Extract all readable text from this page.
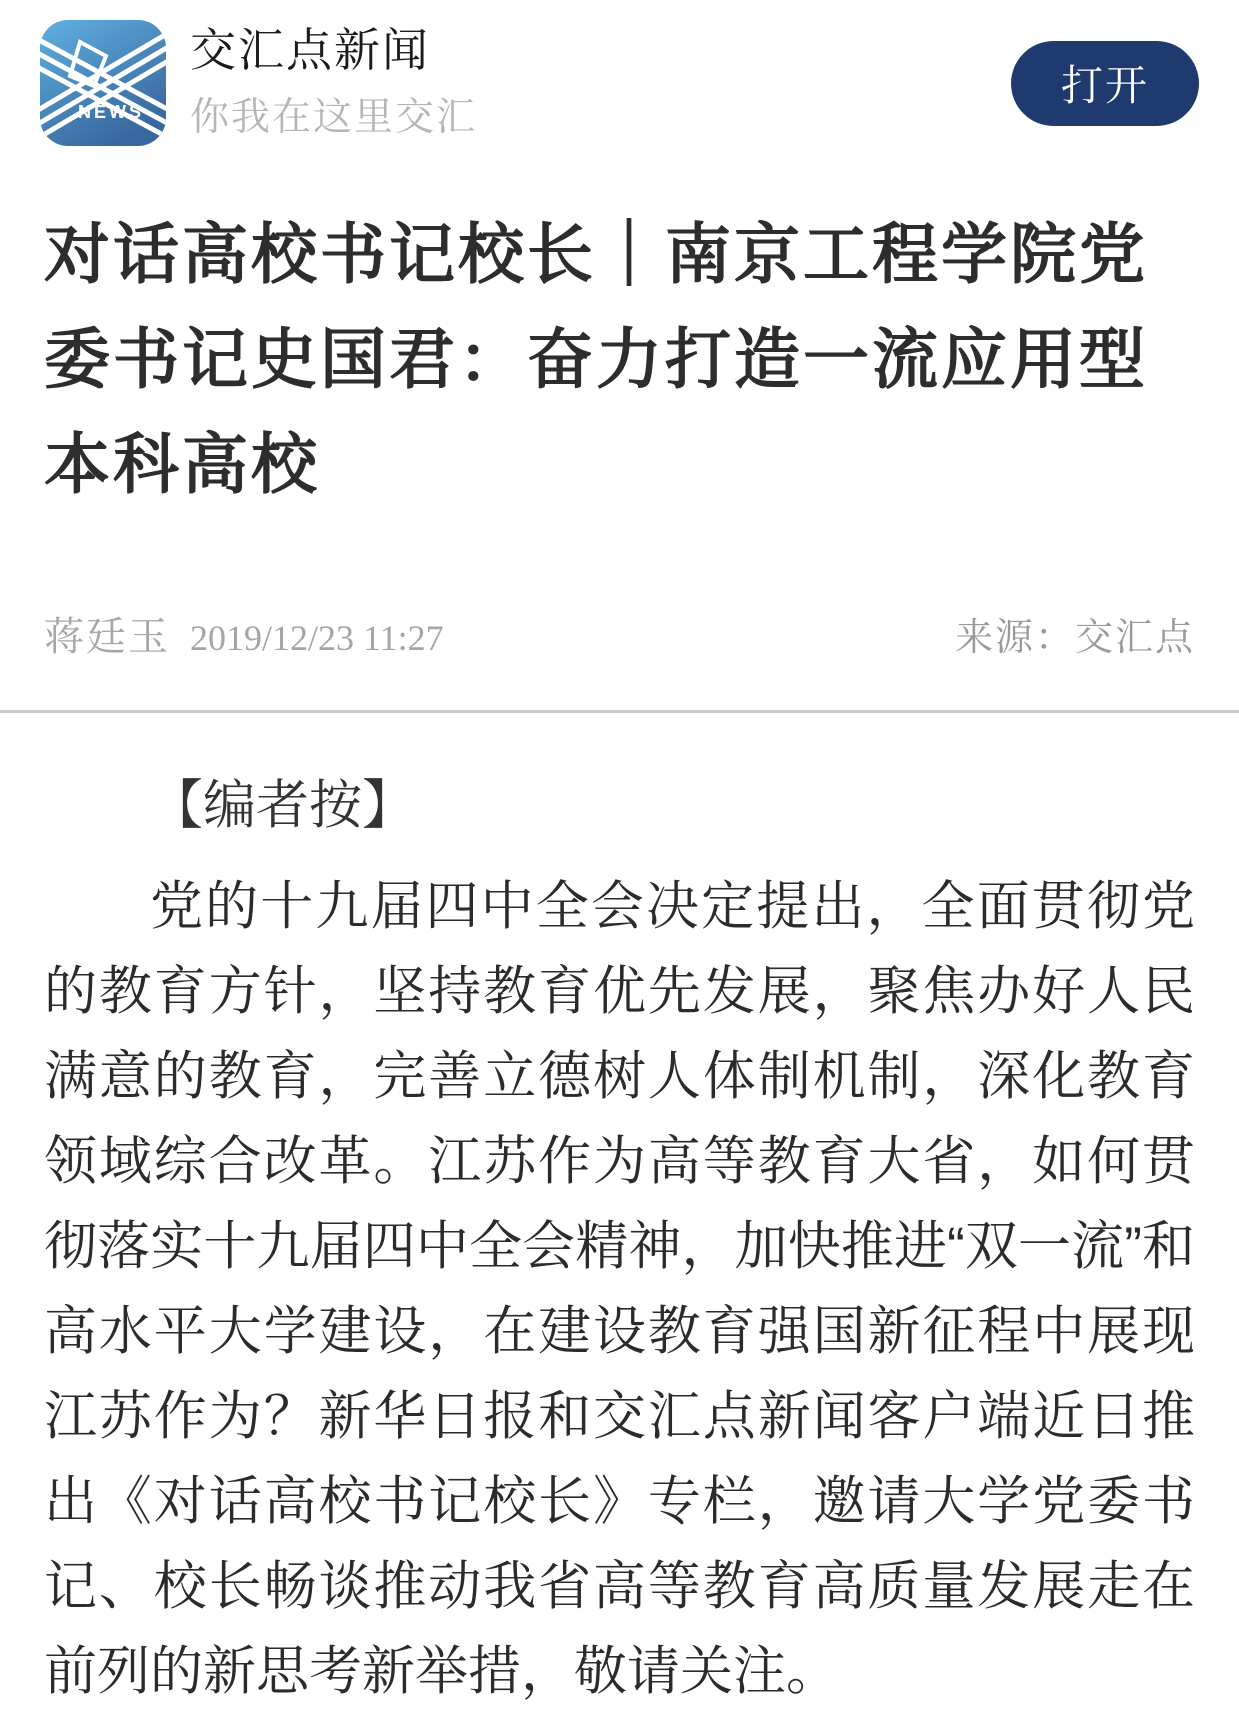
NEWS
交汇点新闻
你我在这里交汇
打开
对话高校书记校长｜南京工程学院党委书记史国君：奋力打造一流应用型本科高校
蒋廷玉 2019/12/23 11:27	来源：交汇点
【编者按】
党的十九届四中全会决定提出，全面贯彻党的教育方针，坚持教育优先发展，聚焦办好人民满意的教育，完善立德树人体制机制，深化教育领域综合改革。江苏作为高等教育大省，如何贯彻落实十九届四中全会精神，加快推进“双一流”和高水平大学建设，在建设教育强国新征程中展现江苏作为？新华日报和交汇点新闻客户端近日推出《对话高校书记校长》专栏，邀请大学党委书记、校长畅谈推动我省高等教育高质量发展走在前列的新思考新举措，敬请关注。
